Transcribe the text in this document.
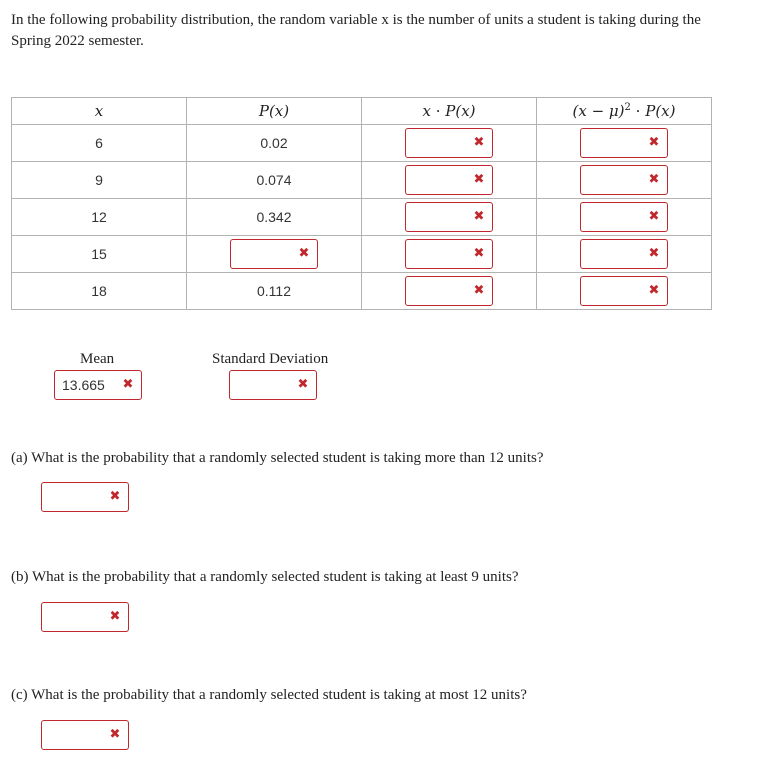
In the following probability distribution, the random variable x is the number of units a student is taking during the Spring 2022 semester.
x	P(x)	x · P(x)	$(x - \mu)^2 \cdot P(x)$
6	0.02	✖	✖

9	0.074	✖	✖

12	0.342	✖	✖

15	✖	✖	✖

18	0.112	✖	✖
Mean
13.665 ✖
Standard Deviation
✖
(a) What is the probability that a randomly selected student is taking more than 12 units?
✖
(b) What is the probability that a randomly selected student is taking at least 9 units?
✖
(c) What is the probability that a randomly selected student is taking at most 12 units?
✖
